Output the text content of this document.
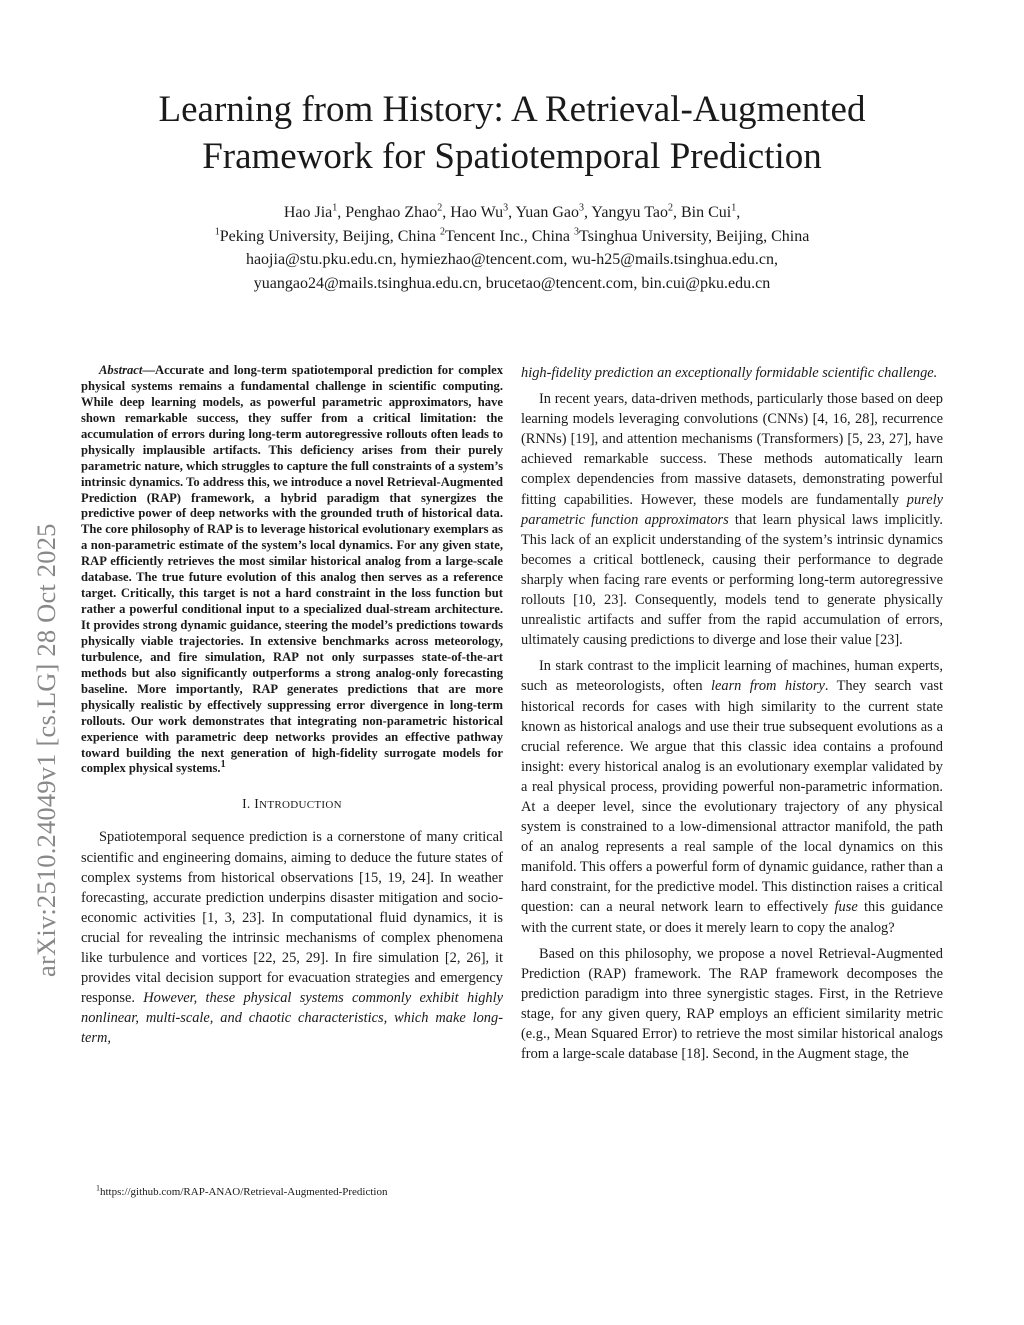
Learning from History: A Retrieval-Augmented
Framework for Spatiotemporal Prediction
Hao Jia$^1$, Penghao Zhao$^2$, Hao Wu$^3$, Yuan Gao$^3$, Yangyu Tao$^2$, Bin Cui$^1$,
$^1$Peking University, Beijing, China $^2$Tencent Inc., China $^3$Tsinghua University, Beijing, China
haojia@stu.pku.edu.cn, hymiezhao@tencent.com, wu-h25@mails.tsinghua.edu.cn,
yuangao24@mails.tsinghua.edu.cn, brucetao@tencent.com, bin.cui@pku.edu.cn
arXiv:2510.24049v1 [cs.LG] 28 Oct 2025

Abstract—Accurate and long-term spatiotemporal prediction for complex physical systems remains a fundamental challenge in scientific computing. While deep learning models, as powerful parametric approximators, have shown remarkable success, they suffer from a critical limitation: the accumulation of errors during long-term autoregressive rollouts often leads to physically implausible artifacts. This deficiency arises from their purely parametric nature, which struggles to capture the full constraints of a system’s intrinsic dynamics. To address this, we introduce a novel Retrieval-Augmented Prediction (RAP) framework, a hybrid paradigm that synergizes the predictive power of deep networks with the grounded truth of historical data. The core philosophy of RAP is to leverage historical evolutionary exemplars as a non-parametric estimate of the system’s local dynamics. For any given state, RAP efficiently retrieves the most similar historical analog from a large-scale database. The true future evolution of this analog then serves as a reference target. Critically, this target is not a hard constraint in the loss function but rather a powerful conditional input to a specialized dual-stream architecture. It provides strong dynamic guidance, steering the model’s predictions towards physically viable trajectories. In extensive benchmarks across meteorology, turbulence, and fire simulation, RAP not only surpasses state-of-the-art methods but also significantly outperforms a strong analog-only forecasting baseline. More importantly, RAP generates predictions that are more physically realistic by effectively suppressing error divergence in long-term rollouts. Our work demonstrates that integrating non-parametric historical experience with parametric deep networks provides an effective pathway toward building the next generation of high-fidelity surrogate models for complex physical systems.$^1$

I. INTRODUCTION

Spatiotemporal sequence prediction is a cornerstone of many critical scientific and engineering domains, aiming to deduce the future states of complex systems from historical observations [15, 19, 24]. In weather forecasting, accurate prediction underpins disaster mitigation and socio-economic activities [1, 3, 23]. In computational fluid dynamics, it is crucial for revealing the intrinsic mechanisms of complex phenomena like turbulence and vortices [22, 25, 29]. In fire simulation [2, 26], it provides vital decision support for evacuation strategies and emergency response. However, these physical systems commonly exhibit highly nonlinear, multi-scale, and chaotic characteristics, which make long-term,

$^1$https://github.com/RAP-ANAO/Retrieval-Augmented-Prediction

high-fidelity prediction an exceptionally formidable scientific challenge.

In recent years, data-driven methods, particularly those based on deep learning models leveraging convolutions (CNNs) [4, 16, 28], recurrence (RNNs) [19], and attention mechanisms (Transformers) [5, 23, 27], have achieved remarkable success. These methods automatically learn complex dependencies from massive datasets, demonstrating powerful fitting capabilities. However, these models are fundamentally purely parametric function approximators that learn physical laws implicitly. This lack of an explicit understanding of the system’s intrinsic dynamics becomes a critical bottleneck, causing their performance to degrade sharply when facing rare events or performing long-term autoregressive rollouts [10, 23]. Consequently, models tend to generate physically unrealistic artifacts and suffer from the rapid accumulation of errors, ultimately causing predictions to diverge and lose their value [23].

In stark contrast to the implicit learning of machines, human experts, such as meteorologists, often learn from history. They search vast historical records for cases with high similarity to the current state known as historical analogs and use their true subsequent evolutions as a crucial reference. We argue that this classic idea contains a profound insight: every historical analog is an evolutionary exemplar validated by a real physical process, providing powerful non-parametric information. At a deeper level, since the evolutionary trajectory of any physical system is constrained to a low-dimensional attractor manifold, the path of an analog represents a real sample of the local dynamics on this manifold. This offers a powerful form of dynamic guidance, rather than a hard constraint, for the predictive model. This distinction raises a critical question: can a neural network learn to effectively fuse this guidance with the current state, or does it merely learn to copy the analog?

Based on this philosophy, we propose a novel Retrieval-Augmented Prediction (RAP) framework. The RAP framework decomposes the prediction paradigm into three synergistic stages. First, in the Retrieve stage, for any given query, RAP employs an efficient similarity metric (e.g., Mean Squared Error) to retrieve the most similar historical analogs from a large-scale database [18]. Second, in the Augment stage, the
